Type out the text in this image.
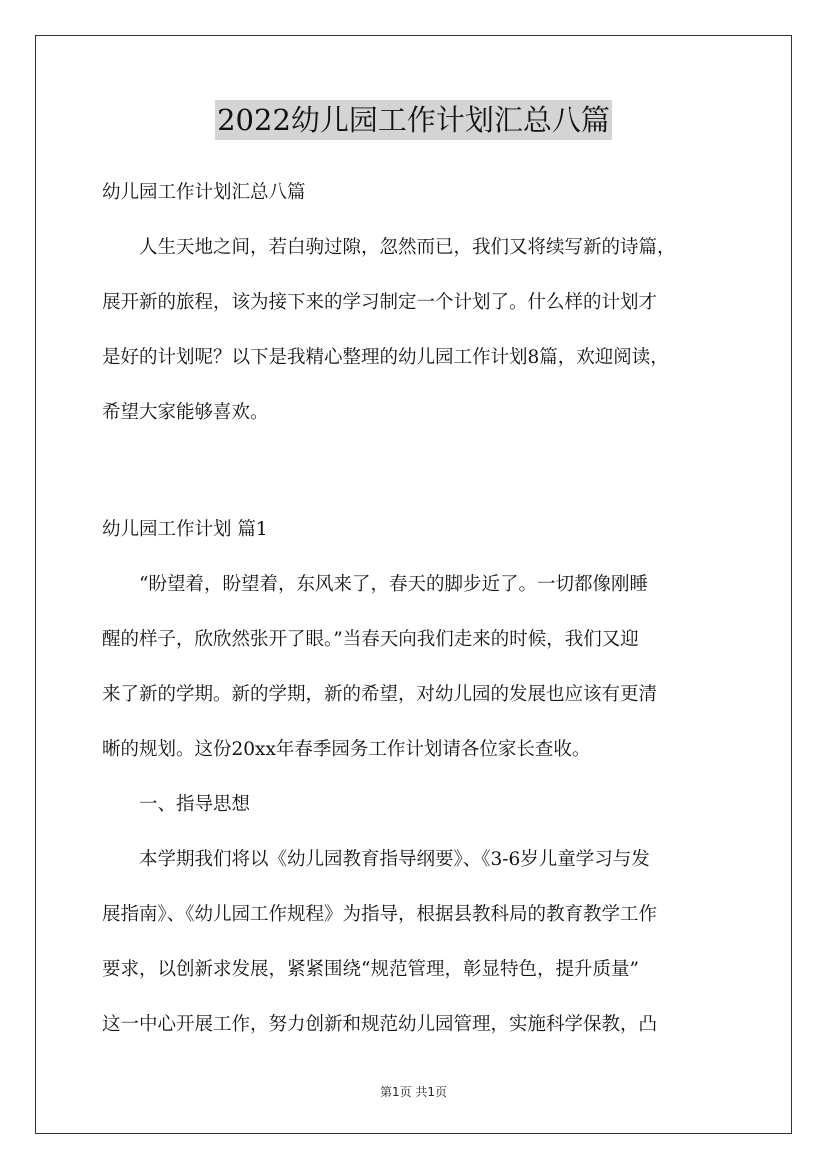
2022幼儿园工作计划汇总八篇
幼儿园工作计划汇总八篇
人生天地之间，若白驹过隙，忽然而已，我们又将续写新的诗篇，
展开新的旅程，该为接下来的学习制定一个计划了。什么样的计划才
是好的计划呢？以下是我精心整理的幼儿园工作计划8篇，欢迎阅读，
希望大家能够喜欢。
幼儿园工作计划 篇1
“盼望着，盼望着，东风来了，春天的脚步近了。一切都像刚睡
醒的样子，欣欣然张开了眼。”当春天向我们走来的时候，我们又迎
来了新的学期。新的学期，新的希望，对幼儿园的发展也应该有更清
晰的规划。这份20xx年春季园务工作计划请各位家长查收。
一、指导思想
本学期我们将以《幼儿园教育指导纲要》、《3-6岁儿童学习与发
展指南》、《幼儿园工作规程》为指导，根据县教科局的教育教学工作
要求，以创新求发展，紧紧围绕“规范管理，彰显特色，提升质量”
这一中心开展工作，努力创新和规范幼儿园管理，实施科学保教，凸
第1页 共1页
